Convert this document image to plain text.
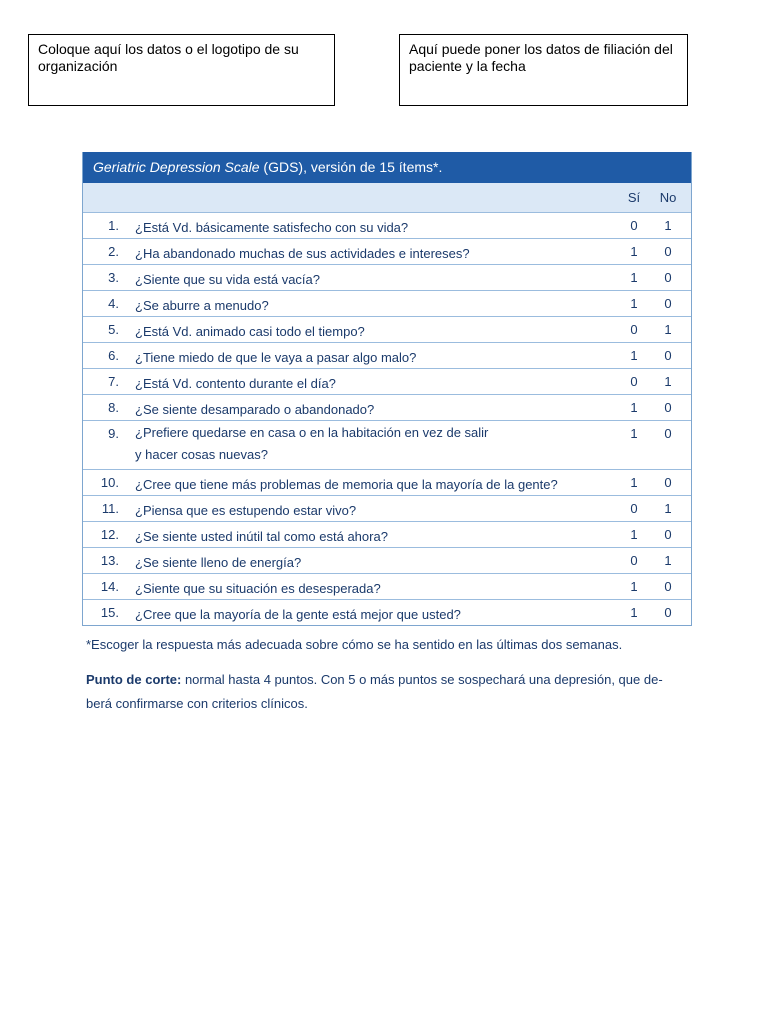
Coloque aquí los datos o el logotipo de su organización
Aquí puede poner los datos de filiación del paciente y la fecha
Geriatric Depression Scale (GDS), versión de 15 ítems*.
Sí	No
1. ¿Está Vd. básicamente satisfecho con su vida?	0	1
2. ¿Ha abandonado muchas de sus actividades e intereses?	1	0
3. ¿Siente que su vida está vacía?	1	0
4. ¿Se aburre a menudo?	1	0
5. ¿Está Vd. animado casi todo el tiempo?	0	1
6. ¿Tiene miedo de que le vaya a pasar algo malo?	1	0
7. ¿Está Vd. contento durante el día?	0	1
8. ¿Se siente desamparado o abandonado?	1	0
9. ¿Prefiere quedarse en casa o en la habitación en vez de salir
y hacer cosas nuevas?
1	0
10. ¿Cree que tiene más problemas de memoria que la mayoría de la gente?	1	0
11. ¿Piensa que es estupendo estar vivo?	0	1
12. ¿Se siente usted inútil tal como está ahora?	1	0
13. ¿Se siente lleno de energía?	0	1
14. ¿Siente que su situación es desesperada?	1	0
15. ¿Cree que la mayoría de la gente está mejor que usted?	1	0
*Escoger la respuesta más adecuada sobre cómo se ha sentido en las últimas dos semanas.
Punto de corte: normal hasta 4 puntos. Con 5 o más puntos se sospechará una depresión, que de-
berá confirmarse con criterios clínicos.
